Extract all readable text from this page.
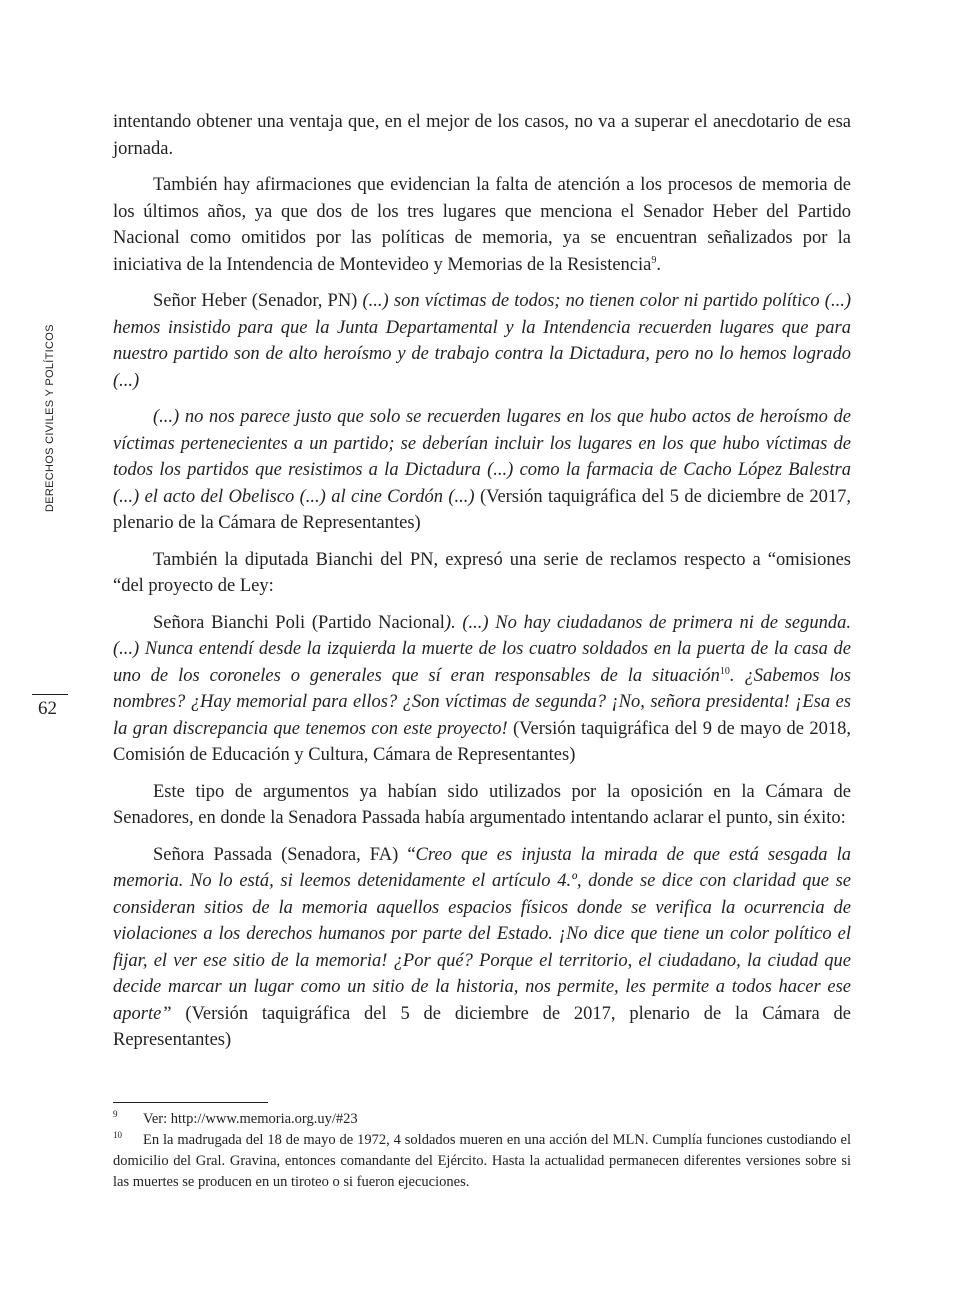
DERECHOS CIVILES Y POLÍTICOS
62

intentando obtener una ventaja que, en el mejor de los casos, no va a superar el anecdotario de esa jornada.

También hay afirmaciones que evidencian la falta de atención a los procesos de memoria de los últimos años, ya que dos de los tres lugares que menciona el Senador Heber del Partido Nacional como omitidos por las políticas de memoria, ya se encuentran señalizados por la iniciativa de la Intendencia de Montevideo y Memorias de la Resistencia$^9$.

Señor Heber (Senador, PN) (...) son víctimas de todos; no tienen color ni partido político (...) hemos insistido para que la Junta Departamental y la Intendencia recuerden lugares que para nuestro partido son de alto heroísmo y de trabajo contra la Dictadura, pero no lo hemos logrado (...)

(...) no nos parece justo que solo se recuerden lugares en los que hubo actos de heroísmo de víctimas pertenecientes a un partido; se deberían incluir los lugares en los que hubo víctimas de todos los partidos que resistimos a la Dictadura (...) como la farmacia de Cacho López Balestra (...) el acto del Obelisco (...) al cine Cordón (...) (Versión taquigráfica del 5 de diciembre de 2017, plenario de la Cámara de Representantes)

También la diputada Bianchi del PN, expresó una serie de reclamos respecto a “omisiones “del proyecto de Ley:

Señora Bianchi Poli (Partido Nacional). (...) No hay ciudadanos de primera ni de segunda. (...) Nunca entendí desde la izquierda la muerte de los cuatro soldados en la puerta de la casa de uno de los coroneles o generales que sí eran responsables de la situación$^{10}$. ¿Sabemos los nombres? ¿Hay memorial para ellos? ¿Son víctimas de segunda? ¡No, señora presidenta! ¡Esa es la gran discrepancia que tenemos con este proyecto! (Versión taquigráfica del 9 de mayo de 2018, Comisión de Educación y Cultura, Cámara de Representantes)

Este tipo de argumentos ya habían sido utilizados por la oposición en la Cámara de Senadores, en donde la Senadora Passada había argumentado intentando aclarar el punto, sin éxito:

Señora Passada (Senadora, FA) “Creo que es injusta la mirada de que está sesgada la memoria. No lo está, si leemos detenidamente el artículo 4.º, donde se dice con claridad que se consideran sitios de la memoria aquellos espacios físicos donde se verifica la ocurrencia de violaciones a los derechos humanos por parte del Estado. ¡No dice que tiene un color político el fijar, el ver ese sitio de la memoria! ¿Por qué? Porque el territorio, el ciudadano, la ciudad que decide marcar un lugar como un sitio de la historia, nos permite, les permite a todos hacer ese aporte” (Versión taquigráfica del 5 de diciembre de 2017, plenario de la Cámara de Representantes)

9 Ver: http://www.memoria.org.uy/#23

10 En la madrugada del 18 de mayo de 1972, 4 soldados mueren en una acción del MLN. Cumplía funciones custodiando el domicilio del Gral. Gravina, entonces comandante del Ejército. Hasta la actualidad permanecen diferentes versiones sobre si las muertes se producen en un tiroteo o si fueron ejecuciones.
